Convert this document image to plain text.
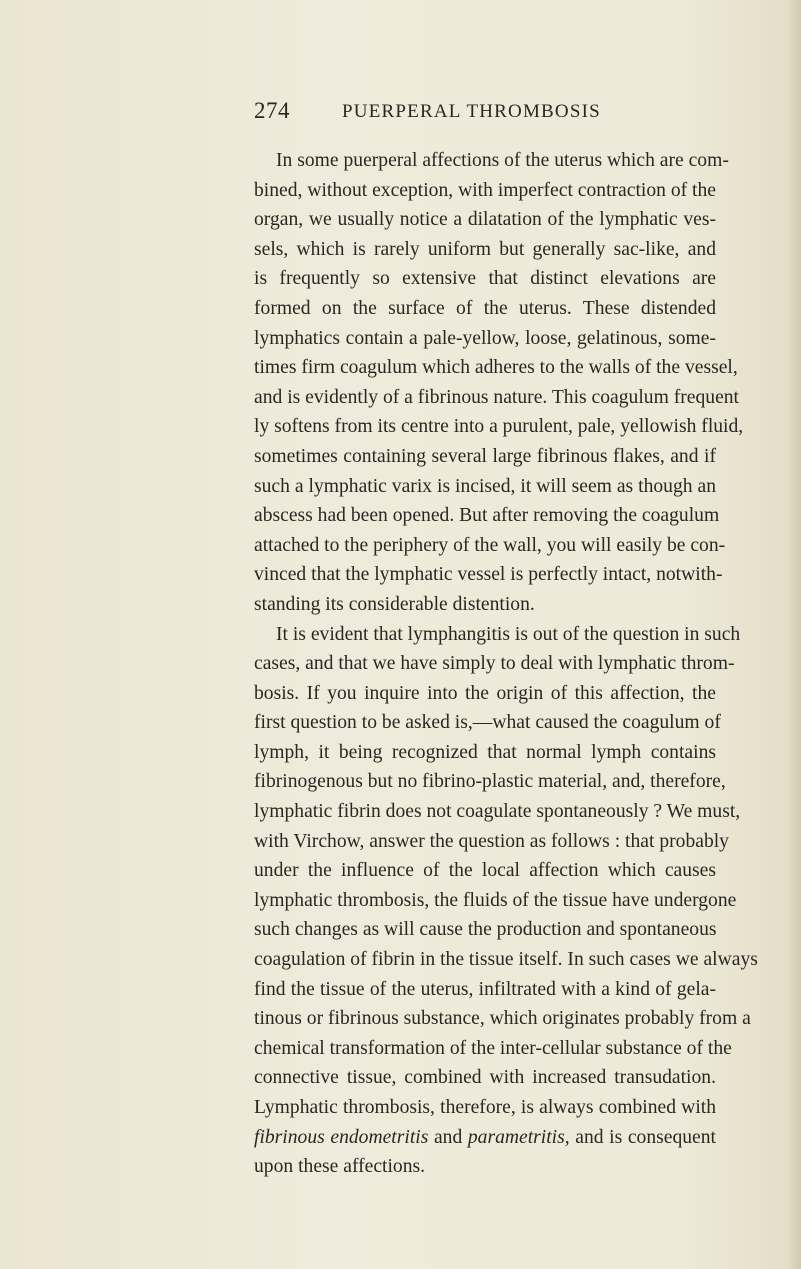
274	PUERPERAL THROMBOSIS
In some puerperal affections of the uterus which are com-
bined, without exception, with imperfect contraction of the
organ, we usually notice a dilatation of the lymphatic ves-
sels, which is rarely uniform but generally sac-like, and
is frequently so extensive that distinct elevations are
formed on the surface of the uterus. These distended
lymphatics contain a pale-yellow, loose, gelatinous, some-
times firm coagulum which adheres to the walls of the vessel,
and is evidently of a fibrinous nature. This coagulum frequent
ly softens from its centre into a purulent, pale, yellowish fluid,
sometimes containing several large fibrinous flakes, and if
such a lymphatic varix is incised, it will seem as though an
abscess had been opened. But after removing the coagulum
attached to the periphery of the wall, you will easily be con-
vinced that the lymphatic vessel is perfectly intact, notwith-
standing its considerable distention.
It is evident that lymphangitis is out of the question in such
cases, and that we have simply to deal with lymphatic throm-
bosis. If you inquire into the origin of this affection, the
first question to be asked is,—what caused the coagulum of
lymph, it being recognized that normal lymph contains
fibrinogenous but no fibrino-plastic material, and, therefore,
lymphatic fibrin does not coagulate spontaneously ? We must,
with Virchow, answer the question as follows : that probably
under the influence of the local affection which causes
lymphatic thrombosis, the fluids of the tissue have undergone
such changes as will cause the production and spontaneous
coagulation of fibrin in the tissue itself. In such cases we always
find the tissue of the uterus, infiltrated with a kind of gela-
tinous or fibrinous substance, which originates probably from a
chemical transformation of the inter-cellular substance of the
connective tissue, combined with increased transudation.
Lymphatic thrombosis, therefore, is always combined with
fibrinous endometritis and parametritis, and is consequent
upon these affections.
